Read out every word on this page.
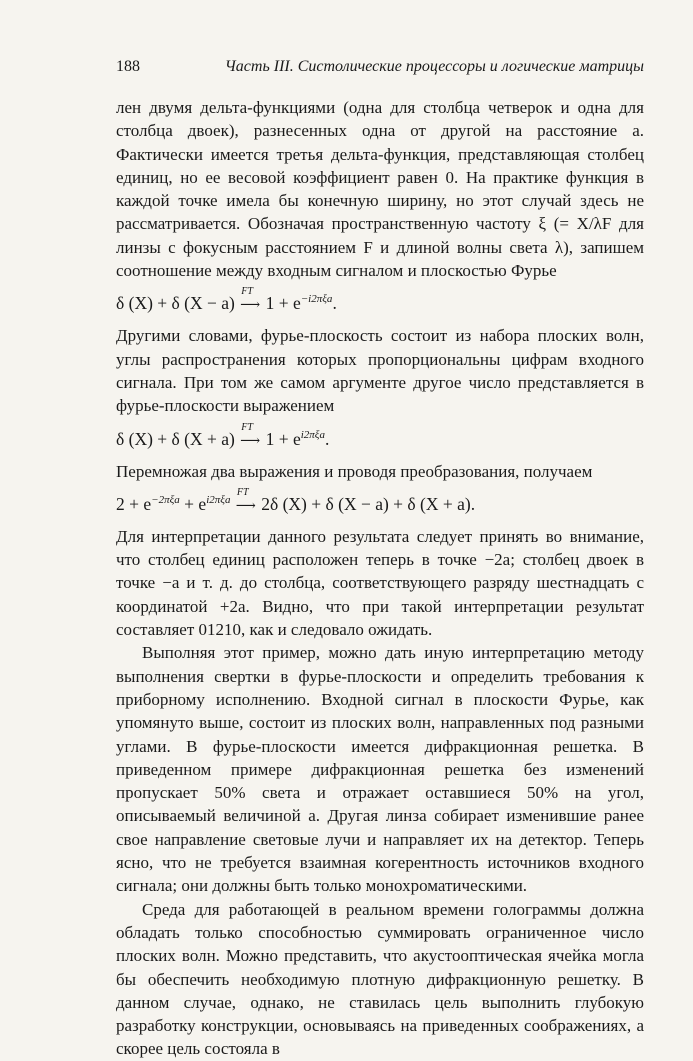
188	Часть III. Систолические процессоры и логические матрицы

лен двумя дельта-функциями (одна для столбца четверок и одна для столбца двоек), разнесенных одна от другой на расстояние a. Фактически имеется третья дельта-функция, представляющая столбец единиц, но ее весовой коэффициент равен 0. На практике функция в каждой точке имела бы конечную ширину, но этот случай здесь не рассматривается. Обозначая пространственную частоту ξ (= X/λF для линзы с фокусным расстоянием F и длиной волны света λ), запишем соотношение между входным сигналом и плоскостью Фурье

δ (X) + δ (X − a)
FT
⟶ $1 + e^{-i2\pi\xi a}$.

Другими словами, фурье-плоскость состоит из набора плоских волн, углы распространения которых пропорциональны цифрам входного сигнала. При том же самом аргументе другое число представляется в фурье-плоскости выражением

δ (X) + δ (X + a)
FT
⟶ $1 + e^{i2\pi\xi a}$.

Перемножая два выражения и проводя преобразования, получаем

$2 + e^{-2\pi\xi a} + e^{i2\pi\xi a}$
FT
⟶ 2δ (X) + δ (X − a) + δ (X + a).

Для интерпретации данного результата следует принять во внимание, что столбец единиц расположен теперь в точке −2a; столбец двоек в точке −a и т. д. до столбца, соответствующего разряду шестнадцать с координатой +2a. Видно, что при такой интерпретации результат составляет 01210, как и следовало ожидать.

Выполняя этот пример, можно дать иную интерпретацию методу выполнения свертки в фурье-плоскости и определить требования к приборному исполнению. Входной сигнал в плоскости Фурье, как упомянуто выше, состоит из плоских волн, направленных под разными углами. В фурье-плоскости имеется дифракционная решетка. В приведенном примере дифракционная решетка без изменений пропускает 50% света и отражает оставшиеся 50% на угол, описываемый величиной a. Другая линза собирает изменившие ранее свое направление световые лучи и направляет их на детектор. Теперь ясно, что не требуется взаимная когерентность источников входного сигнала; они должны быть только монохроматическими.

Среда для работающей в реальном времени голограммы должна обладать только способностью суммировать ограниченное число плоских волн. Можно представить, что акустооптическая ячейка могла бы обеспечить необходимую плотную дифракционную решетку. В данном случае, однако, не ставилась цель выполнить глубокую разработку конструкции, основываясь на приведенных соображениях, а скорее цель состояла в
